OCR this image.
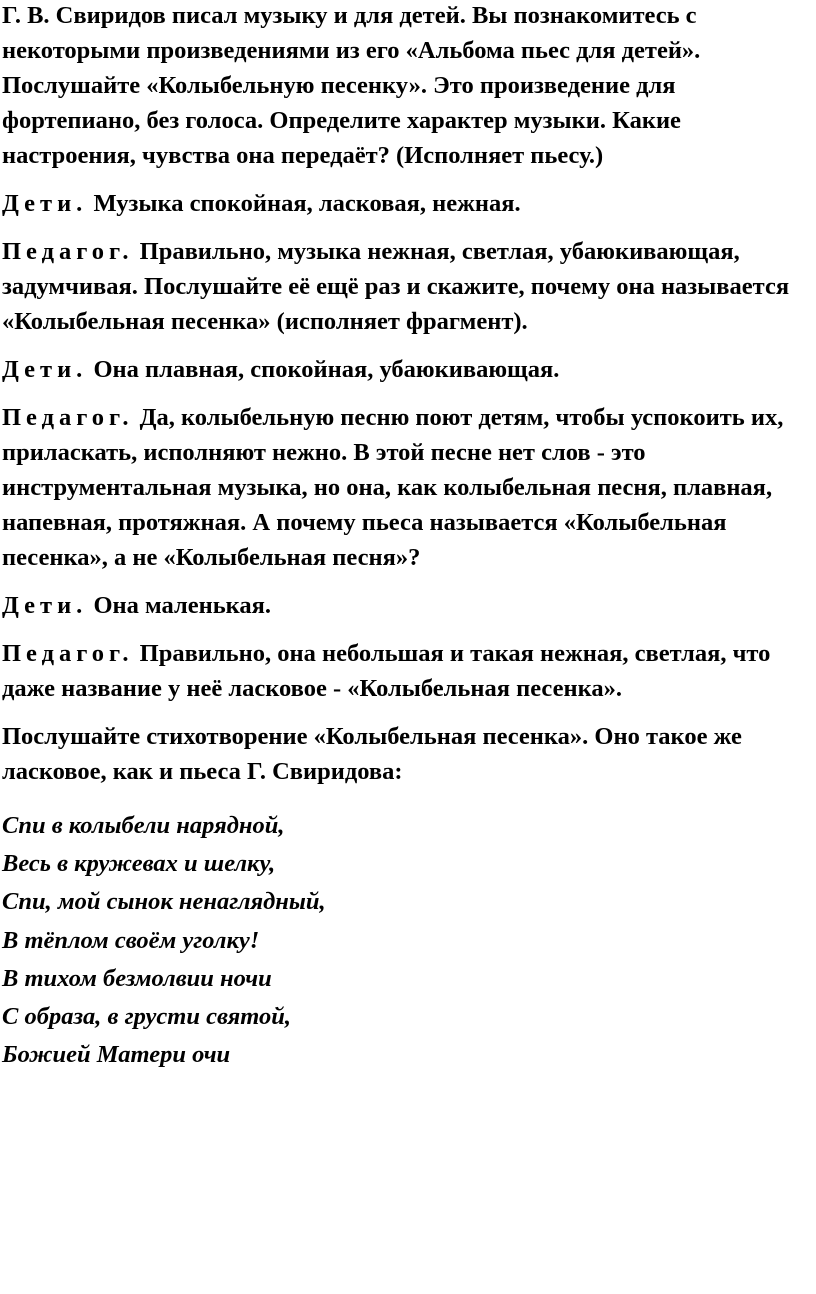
Г. В. Свиридов писал музыку и для детей. Вы познакомитесь с некоторыми произведениями из его «Альбома пьес для детей». Послушайте «Колыбельную песенку». Это произведение для фортепиано, без голоса. Определите характер музыки. Какие настроения, чувства она передаёт? (Исполняет пьесу.)

Дети. Музыка спокойная, ласковая, нежная.

Педагог. Правильно, музыка нежная, светлая, убаюкивающая, задумчивая. Послушайте её ещё раз и скажите, почему она называется «Колыбельная песенка» (исполняет фрагмент).

Дети. Она плавная, спокойная, убаюкивающая.

Педагог. Да, колыбельную песню поют детям, чтобы успокоить их, приласкать, исполняют нежно. В этой песне нет слов - это инструментальная музыка, но она, как колыбельная песня, плавная, напевная, протяжная. А почему пьеса называется «Колыбельная песенка», а не «Колыбельная песня»?

Дети. Она маленькая.

Педагог. Правильно, она небольшая и такая нежная, светлая, что даже название у неё ласковое - «Колыбельная песенка».

Послушайте стихотворение «Колыбельная песенка». Оно такое же ласковое, как и пьеса Г. Свиридова:

Спи в колыбели нарядной,
Весь в кружевах и шелку,
Спи, мой сынок ненаглядный,
В тёплом своём уголку!
В тихом безмолвии ночи
С образа, в грусти святой,
Божией Матери очи
